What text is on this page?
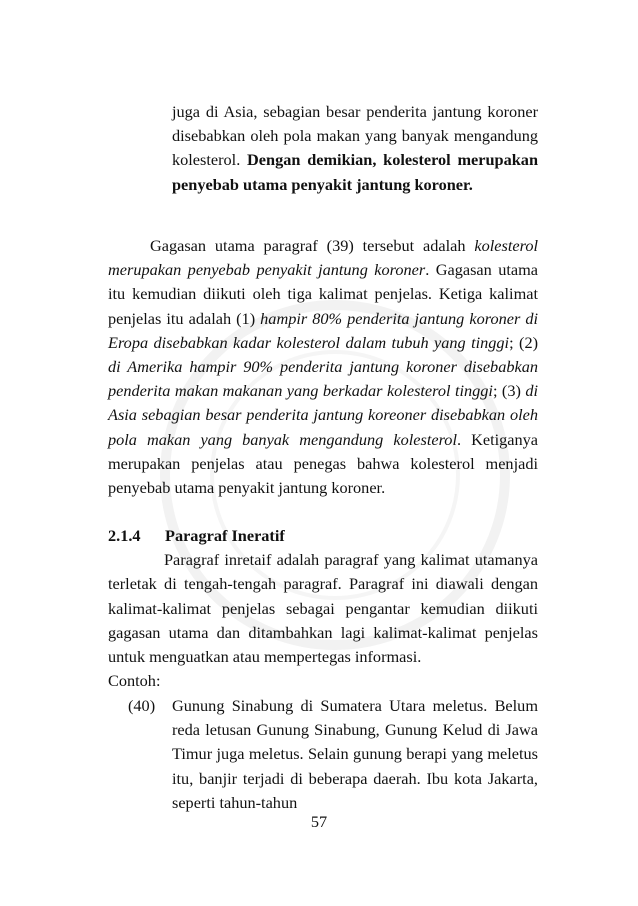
juga di Asia, sebagian besar penderita jantung koroner disebabkan oleh pola makan yang banyak mengandung kolesterol. Dengan demikian, kolesterol merupakan penyebab utama penyakit jantung koroner.

Gagasan utama paragraf (39) tersebut adalah kolesterol merupakan penyebab penyakit jantung koroner. Gagasan utama itu kemudian diikuti oleh tiga kalimat penjelas. Ketiga kalimat penjelas itu adalah (1) hampir 80% penderita jantung koroner di Eropa disebabkan kadar kolesterol dalam tubuh yang tinggi; (2) di Amerika hampir 90% penderita jantung koroner disebabkan penderita makan makanan yang berkadar kolesterol tinggi; (3) di Asia sebagian besar penderita jantung koreoner disebabkan oleh pola makan yang banyak mengandung kolesterol. Ketiganya merupakan penjelas atau penegas bahwa kolesterol menjadi penyebab utama penyakit jantung koroner.

2.1.4	Paragraf Ineratif

Paragraf inretaif adalah paragraf yang kalimat utamanya terletak di tengah-tengah paragraf. Paragraf ini diawali dengan kalimat-kalimat penjelas sebagai pengantar kemudian diikuti gagasan utama dan ditambahkan lagi kalimat-kalimat penjelas untuk menguatkan atau mempertegas informasi.

Contoh:
(40)	Gunung Sinabung di Sumatera Utara meletus. Belum reda letusan Gunung Sinabung, Gunung Kelud di Jawa Timur juga meletus. Selain gunung berapi yang meletus itu, banjir terjadi di beberapa daerah. Ibu kota Jakarta, seperti tahun-tahun

57
